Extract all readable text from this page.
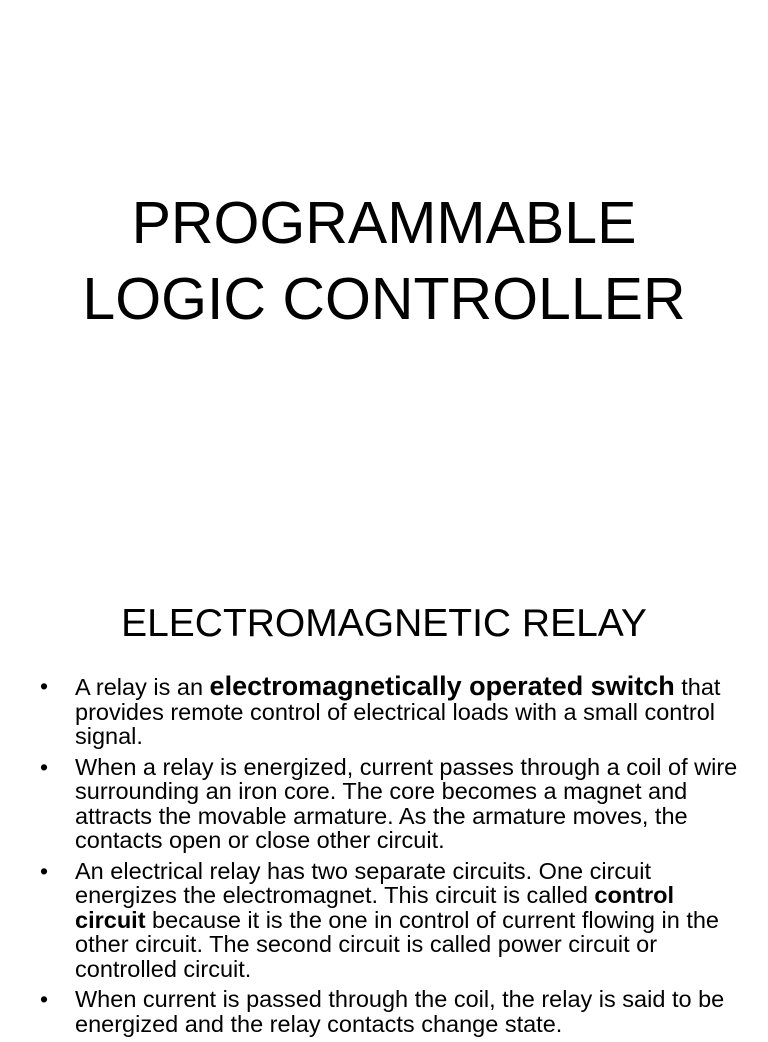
PROGRAMMABLE
LOGIC CONTROLLER
ELECTROMAGNETIC RELAY
• A relay is an electromagnetically operated switch that provides remote control of electrical loads with a small control signal.
• When a relay is energized, current passes through a coil of wire surrounding an iron core. The core becomes a magnet and attracts the movable armature. As the armature moves, the contacts open or close other circuit.
• An electrical relay has two separate circuits. One circuit energizes the electromagnet. This circuit is called control circuit because it is the one in control of current flowing in the other circuit. The second circuit is called power circuit or controlled circuit.
• When current is passed through the coil, the relay is said to be energized and the relay contacts change state.
